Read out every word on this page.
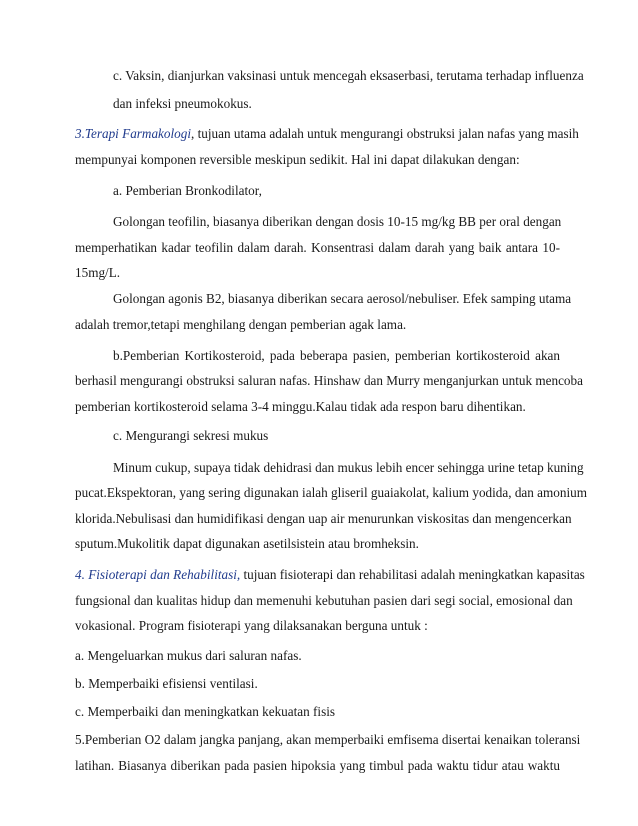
c. Vaksin, dianjurkan vaksinasi untuk mencegah eksaserbasi, terutama terhadap influenza

dan infeksi pneumokokus.

3.Terapi Farmakologi, tujuan utama adalah untuk mengurangi obstruksi jalan nafas yang masih

mempunyai komponen reversible meskipun sedikit. Hal ini dapat dilakukan dengan:

a. Pemberian Bronkodilator,

Golongan teofilin, biasanya diberikan dengan dosis 10-15 mg/kg BB per oral dengan

memperhatikan kadar teofilin dalam darah. Konsentrasi dalam darah yang baik antara 10-

15mg/L.

Golongan agonis B2, biasanya diberikan secara aerosol/nebuliser. Efek samping utama

adalah tremor,tetapi menghilang dengan pemberian agak lama.

b.Pemberian Kortikosteroid, pada beberapa pasien, pemberian kortikosteroid akan

berhasil mengurangi obstruksi saluran nafas. Hinshaw dan Murry menganjurkan untuk mencoba

pemberian kortikosteroid selama 3-4 minggu.Kalau tidak ada respon baru dihentikan.

c. Mengurangi sekresi mukus

Minum cukup, supaya tidak dehidrasi dan mukus lebih encer sehingga urine tetap kuning

pucat.Ekspektoran, yang sering digunakan ialah gliseril guaiakolat, kalium yodida, dan amonium

klorida.Nebulisasi dan humidifikasi dengan uap air menurunkan viskositas dan mengencerkan

sputum.Mukolitik dapat digunakan asetilsistein atau bromheksin.

4. Fisioterapi dan Rehabilitasi, tujuan fisioterapi dan rehabilitasi adalah meningkatkan kapasitas

fungsional dan kualitas hidup dan memenuhi kebutuhan pasien dari segi social, emosional dan

vokasional. Program fisioterapi yang dilaksanakan berguna untuk :

a. Mengeluarkan mukus dari saluran nafas.

b. Memperbaiki efisiensi ventilasi.

c. Memperbaiki dan meningkatkan kekuatan fisis

5.Pemberian O2 dalam jangka panjang, akan memperbaiki emfisema disertai kenaikan toleransi

latihan. Biasanya diberikan pada pasien hipoksia yang timbul pada waktu tidur atau waktu
